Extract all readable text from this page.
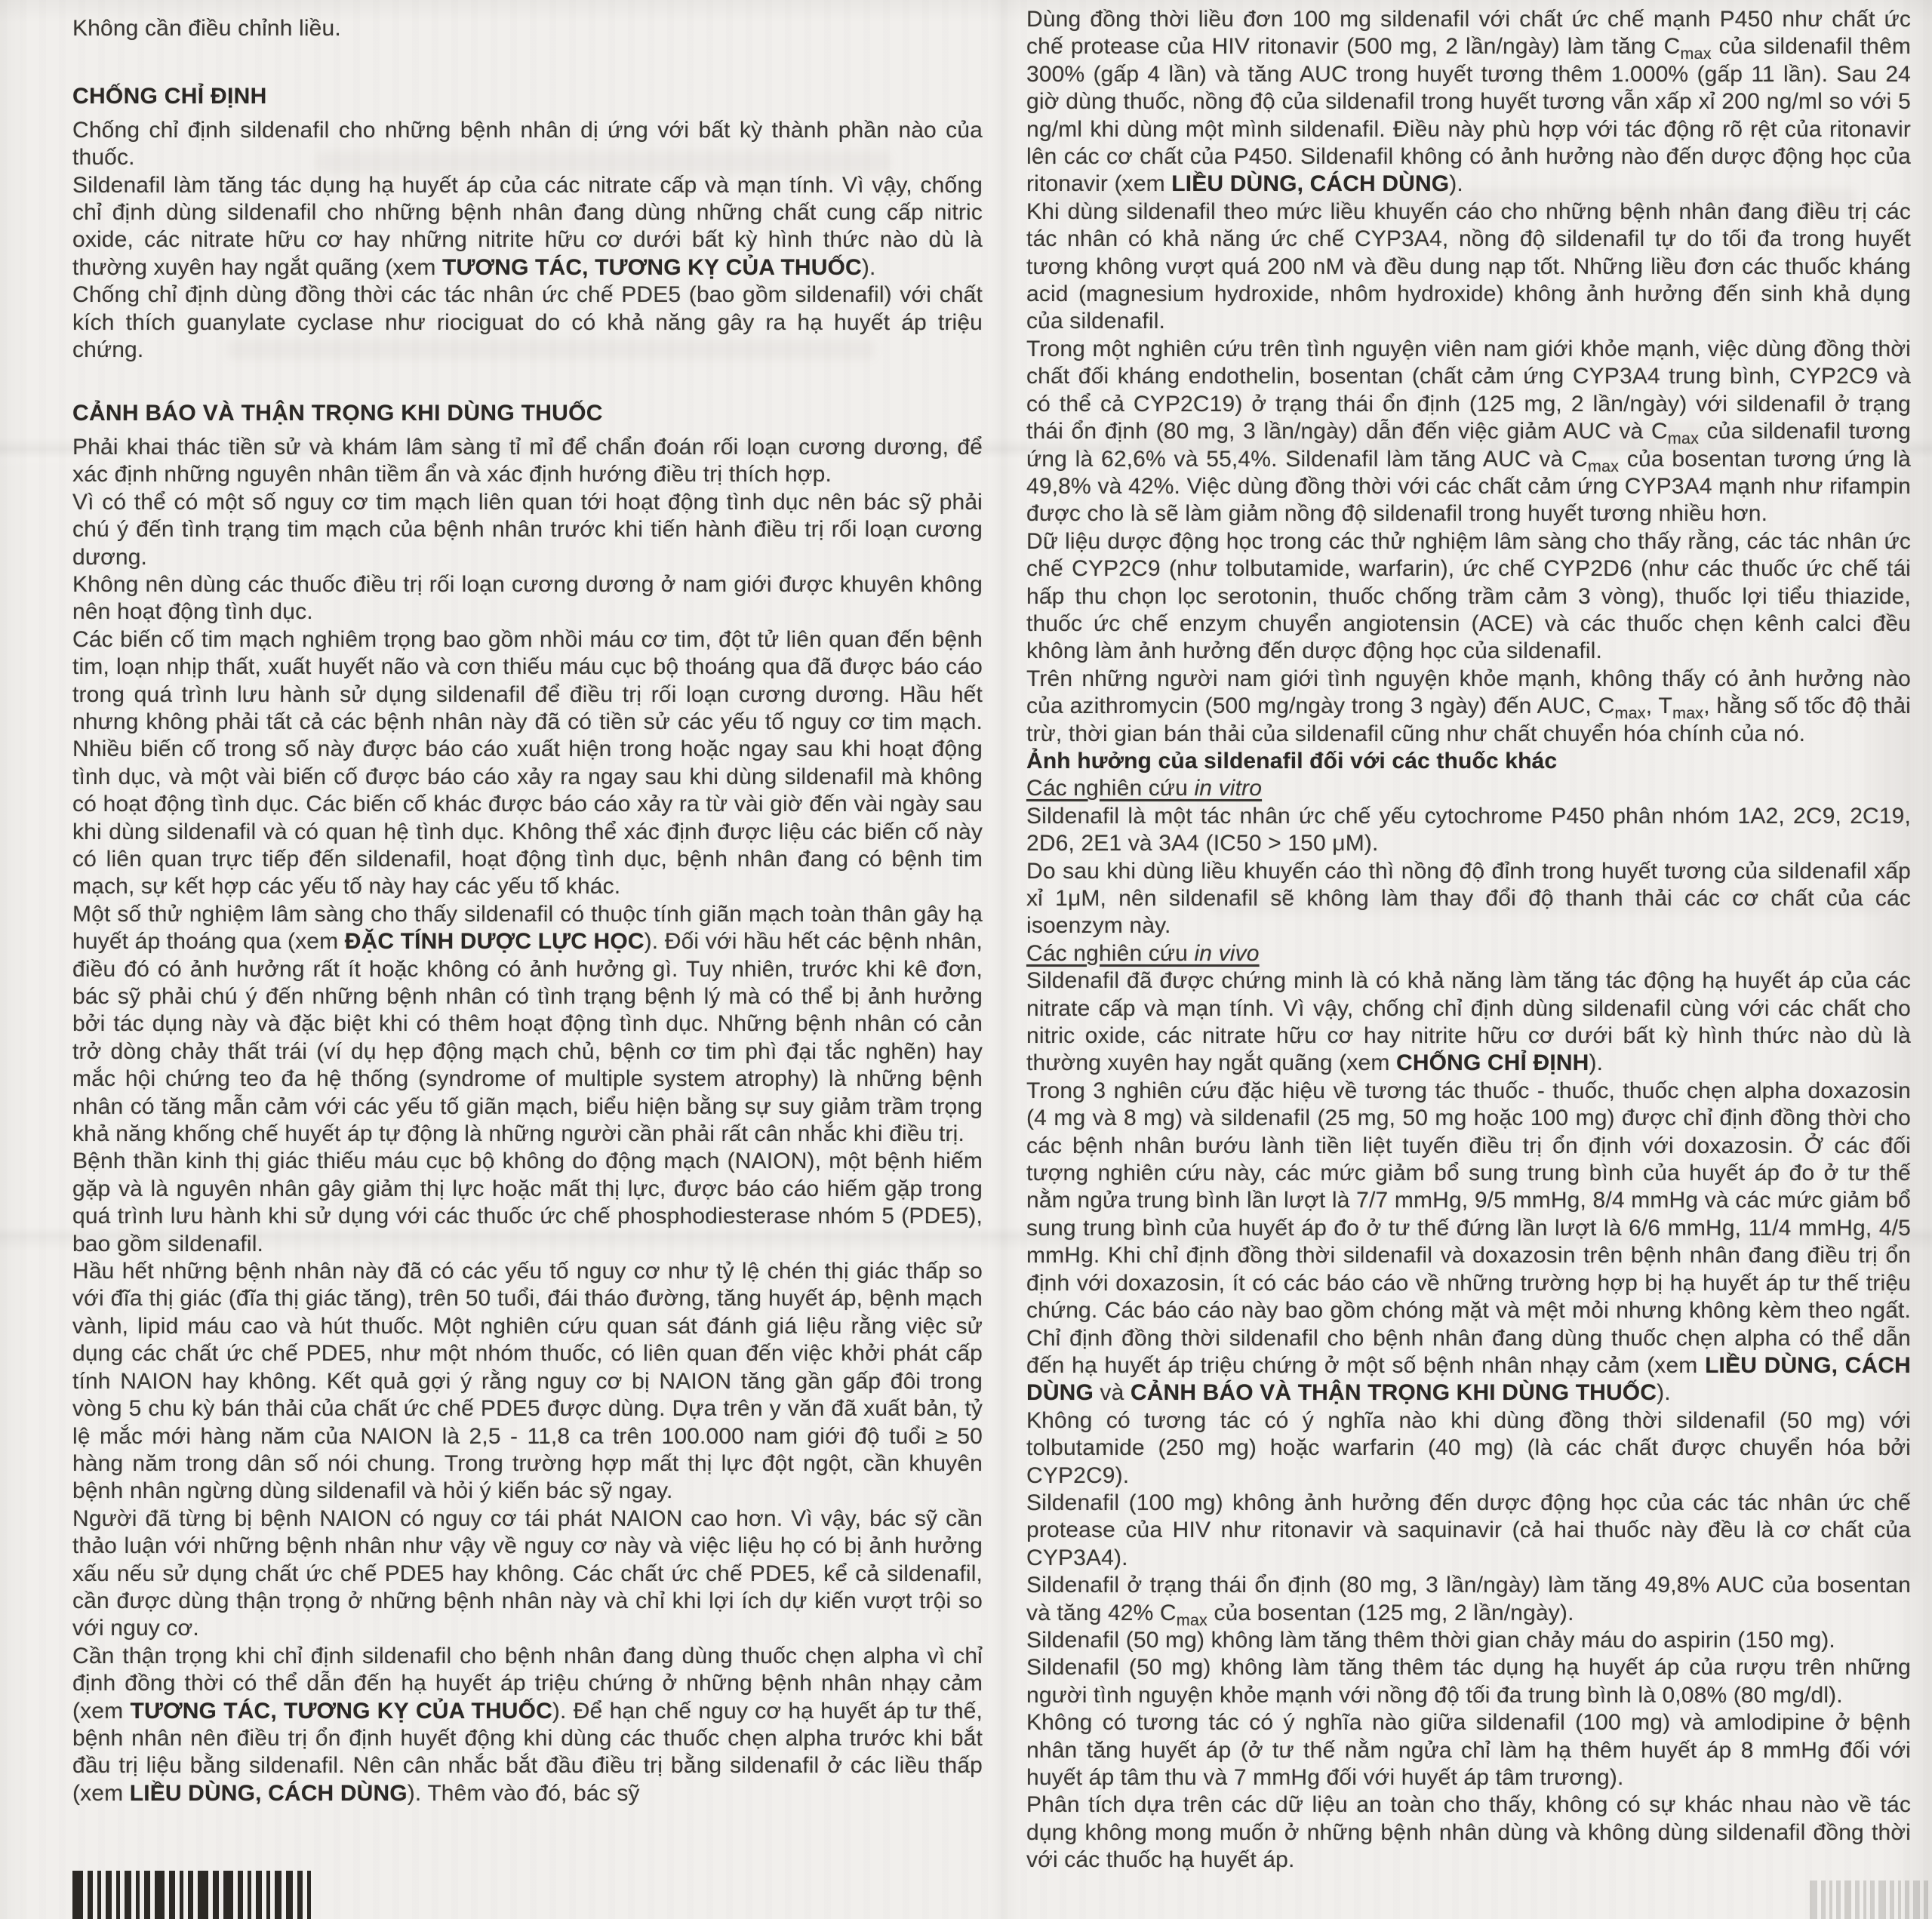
Không cần điều chỉnh liều.

CHỐNG CHỈ ĐỊNH

Chống chỉ định sildenafil cho những bệnh nhân dị ứng với bất kỳ thành phần nào của thuốc.

Sildenafil làm tăng tác dụng hạ huyết áp của các nitrate cấp và mạn tính. Vì vậy, chống chỉ định dùng sildenafil cho những bệnh nhân đang dùng những chất cung cấp nitric oxide, các nitrate hữu cơ hay những nitrite hữu cơ dưới bất kỳ hình thức nào dù là thường xuyên hay ngắt quãng (xem TƯƠNG TÁC, TƯƠNG KỴ CỦA THUỐC).

Chống chỉ định dùng đồng thời các tác nhân ức chế PDE5 (bao gồm sildenafil) với chất kích thích guanylate cyclase như riociguat do có khả năng gây ra hạ huyết áp triệu chứng.

CẢNH BÁO VÀ THẬN TRỌNG KHI DÙNG THUỐC

Phải khai thác tiền sử và khám lâm sàng tỉ mỉ để chẩn đoán rối loạn cương dương, để xác định những nguyên nhân tiềm ẩn và xác định hướng điều trị thích hợp.

Vì có thể có một số nguy cơ tim mạch liên quan tới hoạt động tình dục nên bác sỹ phải chú ý đến tình trạng tim mạch của bệnh nhân trước khi tiến hành điều trị rối loạn cương dương.

Không nên dùng các thuốc điều trị rối loạn cương dương ở nam giới được khuyên không nên hoạt động tình dục.

Các biến cố tim mạch nghiêm trọng bao gồm nhồi máu cơ tim, đột tử liên quan đến bệnh tim, loạn nhịp thất, xuất huyết não và cơn thiếu máu cục bộ thoáng qua đã được báo cáo trong quá trình lưu hành sử dụng sildenafil để điều trị rối loạn cương dương. Hầu hết nhưng không phải tất cả các bệnh nhân này đã có tiền sử các yếu tố nguy cơ tim mạch. Nhiều biến cố trong số này được báo cáo xuất hiện trong hoặc ngay sau khi hoạt động tình dục, và một vài biến cố được báo cáo xảy ra ngay sau khi dùng sildenafil mà không có hoạt động tình dục. Các biến cố khác được báo cáo xảy ra từ vài giờ đến vài ngày sau khi dùng sildenafil và có quan hệ tình dục. Không thể xác định được liệu các biến cố này có liên quan trực tiếp đến sildenafil, hoạt động tình dục, bệnh nhân đang có bệnh tim mạch, sự kết hợp các yếu tố này hay các yếu tố khác.

Một số thử nghiệm lâm sàng cho thấy sildenafil có thuộc tính giãn mạch toàn thân gây hạ huyết áp thoáng qua (xem ĐẶC TÍNH DƯỢC LỰC HỌC). Đối với hầu hết các bệnh nhân, điều đó có ảnh hưởng rất ít hoặc không có ảnh hưởng gì. Tuy nhiên, trước khi kê đơn, bác sỹ phải chú ý đến những bệnh nhân có tình trạng bệnh lý mà có thể bị ảnh hưởng bởi tác dụng này và đặc biệt khi có thêm hoạt động tình dục. Những bệnh nhân có cản trở dòng chảy thất trái (ví dụ hẹp động mạch chủ, bệnh cơ tim phì đại tắc nghẽn) hay mắc hội chứng teo đa hệ thống (syndrome of multiple system atrophy) là những bệnh nhân có tăng mẫn cảm với các yếu tố giãn mạch, biểu hiện bằng sự suy giảm trầm trọng khả năng khống chế huyết áp tự động là những người cần phải rất cân nhắc khi điều trị.

Bệnh thần kinh thị giác thiếu máu cục bộ không do động mạch (NAION), một bệnh hiếm gặp và là nguyên nhân gây giảm thị lực hoặc mất thị lực, được báo cáo hiếm gặp trong quá trình lưu hành khi sử dụng với các thuốc ức chế phosphodiesterase nhóm 5 (PDE5), bao gồm sildenafil.

Hầu hết những bệnh nhân này đã có các yếu tố nguy cơ như tỷ lệ chén thị giác thấp so với đĩa thị giác (đĩa thị giác tăng), trên 50 tuổi, đái tháo đường, tăng huyết áp, bệnh mạch vành, lipid máu cao và hút thuốc. Một nghiên cứu quan sát đánh giá liệu rằng việc sử dụng các chất ức chế PDE5, như một nhóm thuốc, có liên quan đến việc khởi phát cấp tính NAION hay không. Kết quả gợi ý rằng nguy cơ bị NAION tăng gần gấp đôi trong vòng 5 chu kỳ bán thải của chất ức chế PDE5 được dùng. Dựa trên y văn đã xuất bản, tỷ lệ mắc mới hàng năm của NAION là 2,5 - 11,8 ca trên 100.000 nam giới độ tuổi ≥ 50 hàng năm trong dân số nói chung. Trong trường hợp mất thị lực đột ngột, cần khuyên bệnh nhân ngừng dùng sildenafil và hỏi ý kiến bác sỹ ngay.

Người đã từng bị bệnh NAION có nguy cơ tái phát NAION cao hơn. Vì vậy, bác sỹ cần thảo luận với những bệnh nhân như vậy về nguy cơ này và việc liệu họ có bị ảnh hưởng xấu nếu sử dụng chất ức chế PDE5 hay không. Các chất ức chế PDE5, kể cả sildenafil, cần được dùng thận trọng ở những bệnh nhân này và chỉ khi lợi ích dự kiến vượt trội so với nguy cơ.

Cần thận trọng khi chỉ định sildenafil cho bệnh nhân đang dùng thuốc chẹn alpha vì chỉ định đồng thời có thể dẫn đến hạ huyết áp triệu chứng ở những bệnh nhân nhạy cảm (xem TƯƠNG TÁC, TƯƠNG KỴ CỦA THUỐC). Để hạn chế nguy cơ hạ huyết áp tư thế, bệnh nhân nên điều trị ổn định huyết động khi dùng các thuốc chẹn alpha trước khi bắt đầu trị liệu bằng sildenafil. Nên cân nhắc bắt đầu điều trị bằng sildenafil ở các liều thấp (xem LIỀU DÙNG, CÁCH DÙNG). Thêm vào đó, bác sỹ

Dùng đồng thời liều đơn 100 mg sildenafil với chất ức chế mạnh P450 như chất ức chế protease của HIV ritonavir (500 mg, 2 lần/ngày) làm tăng $C_{max}$ của sildenafil thêm 300% (gấp 4 lần) và tăng AUC trong huyết tương thêm 1.000% (gấp 11 lần). Sau 24 giờ dùng thuốc, nồng độ của sildenafil trong huyết tương vẫn xấp xỉ 200 ng/ml so với 5 ng/ml khi dùng một mình sildenafil. Điều này phù hợp với tác động rõ rệt của ritonavir lên các cơ chất của P450. Sildenafil không có ảnh hưởng nào đến dược động học của ritonavir (xem LIỀU DÙNG, CÁCH DÙNG).

Khi dùng sildenafil theo mức liều khuyến cáo cho những bệnh nhân đang điều trị các tác nhân có khả năng ức chế CYP3A4, nồng độ sildenafil tự do tối đa trong huyết tương không vượt quá 200 nM và đều dung nạp tốt. Những liều đơn các thuốc kháng acid (magnesium hydroxide, nhôm hydroxide) không ảnh hưởng đến sinh khả dụng của sildenafil.

Trong một nghiên cứu trên tình nguyện viên nam giới khỏe mạnh, việc dùng đồng thời chất đối kháng endothelin, bosentan (chất cảm ứng CYP3A4 trung bình, CYP2C9 và có thể cả CYP2C19) ở trạng thái ổn định (125 mg, 2 lần/ngày) với sildenafil ở trạng thái ổn định (80 mg, 3 lần/ngày) dẫn đến việc giảm AUC và $C_{max}$ của sildenafil tương ứng là 62,6% và 55,4%. Sildenafil làm tăng AUC và $C_{max}$ của bosentan tương ứng là 49,8% và 42%. Việc dùng đồng thời với các chất cảm ứng CYP3A4 mạnh như rifampin được cho là sẽ làm giảm nồng độ sildenafil trong huyết tương nhiều hơn.

Dữ liệu dược động học trong các thử nghiệm lâm sàng cho thấy rằng, các tác nhân ức chế CYP2C9 (như tolbutamide, warfarin), ức chế CYP2D6 (như các thuốc ức chế tái hấp thu chọn lọc serotonin, thuốc chống trầm cảm 3 vòng), thuốc lợi tiểu thiazide, thuốc ức chế enzym chuyển angiotensin (ACE) và các thuốc chẹn kênh calci đều không làm ảnh hưởng đến dược động học của sildenafil.

Trên những người nam giới tình nguyện khỏe mạnh, không thấy có ảnh hưởng nào của azithromycin (500 mg/ngày trong 3 ngày) đến AUC, $C_{max}$, $T_{max}$, hằng số tốc độ thải trừ, thời gian bán thải của sildenafil cũng như chất chuyển hóa chính của nó.

Ảnh hưởng của sildenafil đối với các thuốc khác

Các nghiên cứu in vitro

Sildenafil là một tác nhân ức chế yếu cytochrome P450 phân nhóm 1A2, 2C9, 2C19, 2D6, 2E1 và 3A4 (IC50 > 150 μM).

Do sau khi dùng liều khuyến cáo thì nồng độ đỉnh trong huyết tương của sildenafil xấp xỉ 1μM, nên sildenafil sẽ không làm thay đổi độ thanh thải các cơ chất của các isoenzym này.

Các nghiên cứu in vivo

Sildenafil đã được chứng minh là có khả năng làm tăng tác động hạ huyết áp của các nitrate cấp và mạn tính. Vì vậy, chống chỉ định dùng sildenafil cùng với các chất cho nitric oxide, các nitrate hữu cơ hay nitrite hữu cơ dưới bất kỳ hình thức nào dù là thường xuyên hay ngắt quãng (xem CHỐNG CHỈ ĐỊNH).

Trong 3 nghiên cứu đặc hiệu về tương tác thuốc - thuốc, thuốc chẹn alpha doxazosin (4 mg và 8 mg) và sildenafil (25 mg, 50 mg hoặc 100 mg) được chỉ định đồng thời cho các bệnh nhân bướu lành tiền liệt tuyến điều trị ổn định với doxazosin. Ở các đối tượng nghiên cứu này, các mức giảm bổ sung trung bình của huyết áp đo ở tư thế nằm ngửa trung bình lần lượt là 7/7 mmHg, 9/5 mmHg, 8/4 mmHg và các mức giảm bổ sung trung bình của huyết áp đo ở tư thế đứng lần lượt là 6/6 mmHg, 11/4 mmHg, 4/5 mmHg. Khi chỉ định đồng thời sildenafil và doxazosin trên bệnh nhân đang điều trị ổn định với doxazosin, ít có các báo cáo về những trường hợp bị hạ huyết áp tư thế triệu chứng. Các báo cáo này bao gồm chóng mặt và mệt mỏi nhưng không kèm theo ngất. Chỉ định đồng thời sildenafil cho bệnh nhân đang dùng thuốc chẹn alpha có thể dẫn đến hạ huyết áp triệu chứng ở một số bệnh nhân nhạy cảm (xem LIỀU DÙNG, CÁCH DÙNG và CẢNH BÁO VÀ THẬN TRỌNG KHI DÙNG THUỐC).

Không có tương tác có ý nghĩa nào khi dùng đồng thời sildenafil (50 mg) với tolbutamide (250 mg) hoặc warfarin (40 mg) (là các chất được chuyển hóa bởi CYP2C9).

Sildenafil (100 mg) không ảnh hưởng đến dược động học của các tác nhân ức chế protease của HIV như ritonavir và saquinavir (cả hai thuốc này đều là cơ chất của CYP3A4).

Sildenafil ở trạng thái ổn định (80 mg, 3 lần/ngày) làm tăng 49,8% AUC của bosentan và tăng 42% $C_{max}$ của bosentan (125 mg, 2 lần/ngày).

Sildenafil (50 mg) không làm tăng thêm thời gian chảy máu do aspirin (150 mg).

Sildenafil (50 mg) không làm tăng thêm tác dụng hạ huyết áp của rượu trên những người tình nguyện khỏe mạnh với nồng độ tối đa trung bình là 0,08% (80 mg/dl).

Không có tương tác có ý nghĩa nào giữa sildenafil (100 mg) và amlodipine ở bệnh nhân tăng huyết áp (ở tư thế nằm ngửa chỉ làm hạ thêm huyết áp 8 mmHg đối với huyết áp tâm thu và 7 mmHg đối với huyết áp tâm trương).

Phân tích dựa trên các dữ liệu an toàn cho thấy, không có sự khác nhau nào về tác dụng không mong muốn ở những bệnh nhân dùng và không dùng sildenafil đồng thời với các thuốc hạ huyết áp.
